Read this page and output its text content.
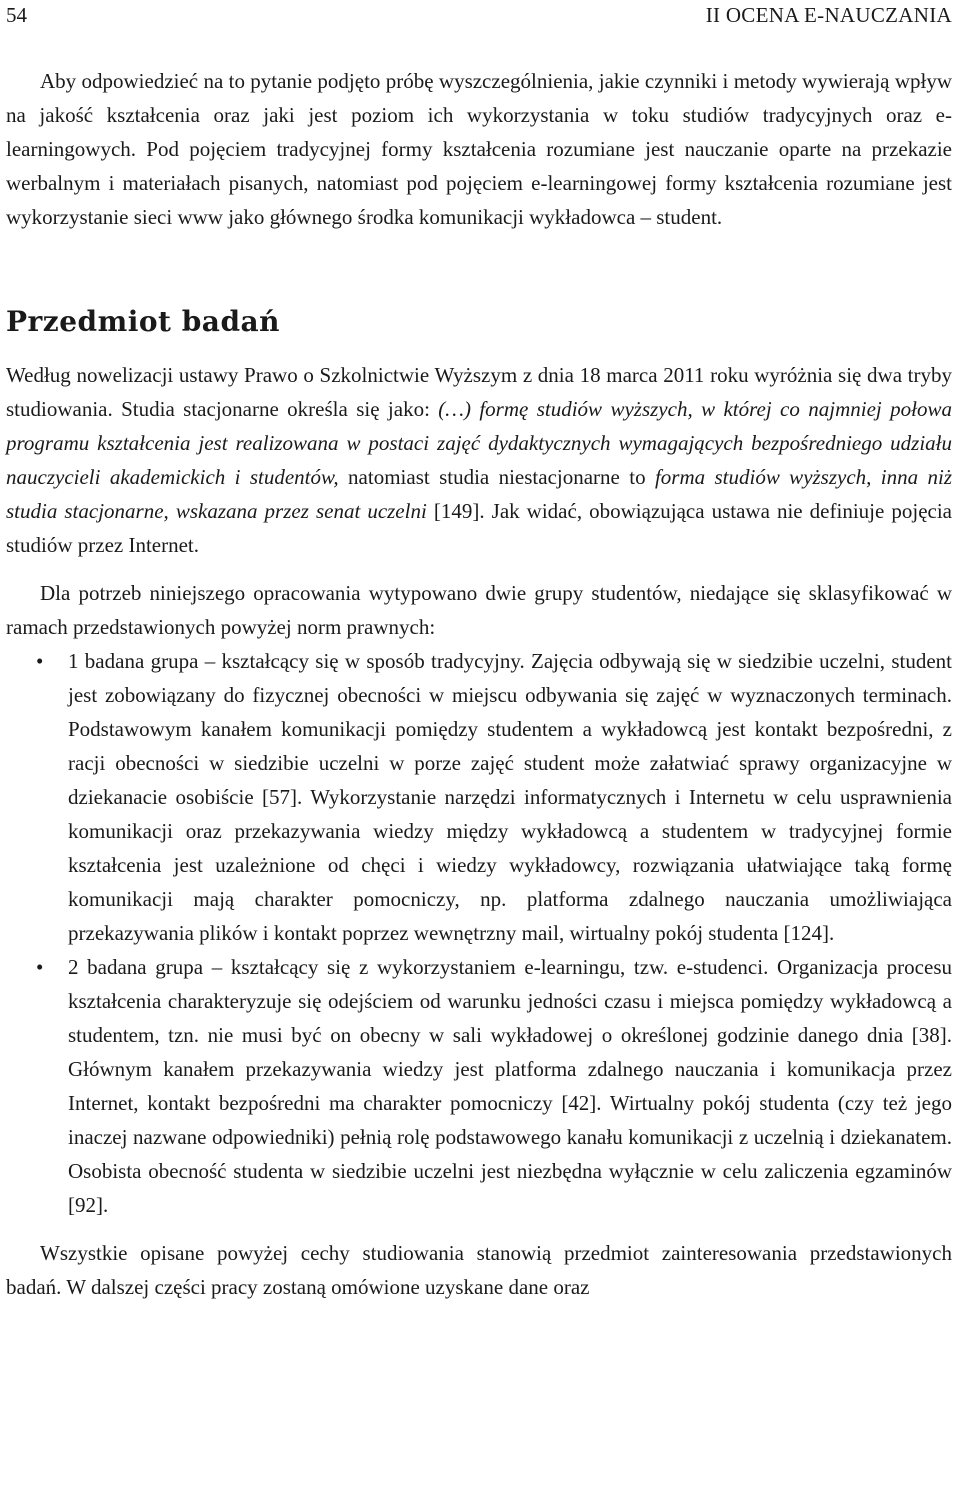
54	II OCENA E-NAUCZANIA

Aby odpowiedzieć na to pytanie podjęto próbę wyszczególnienia, jakie czynniki i metody wywierają wpływ na jakość kształcenia oraz jaki jest poziom ich wykorzystania w toku studiów tradycyjnych oraz e-learningowych. Pod pojęciem tradycyjnej formy kształcenia rozumiane jest nauczanie oparte na przekazie werbalnym i materiałach pisanych, natomiast pod pojęciem e-learningowej formy kształcenia rozumiane jest wykorzystanie sieci www jako głównego środka komunikacji wykładowca – student.

Przedmiot badań

Według nowelizacji ustawy Prawo o Szkolnictwie Wyższym z dnia 18 marca 2011 roku wyróżnia się dwa tryby studiowania. Studia stacjonarne określa się jako: (…) formę studiów wyższych, w której co najmniej połowa programu kształcenia jest realizowana w postaci zajęć dydaktycznych wymagających bezpośredniego udziału nauczycieli akademickich i studentów, natomiast studia niestacjonarne to forma studiów wyższych, inna niż studia stacjonarne, wskazana przez senat uczelni [149]. Jak widać, obowiązująca ustawa nie definiuje pojęcia studiów przez Internet.

Dla potrzeb niniejszego opracowania wytypowano dwie grupy studentów, niedające się sklasyfikować w ramach przedstawionych powyżej norm prawnych:

• 1 badana grupa – kształcący się w sposób tradycyjny. Zajęcia odbywają się w siedzibie uczelni, student jest zobowiązany do fizycznej obecności w miejscu odbywania się zajęć w wyznaczonych terminach. Podstawowym kanałem komunikacji pomiędzy studentem a wykładowcą jest kontakt bezpośredni, z racji obecności w siedzibie uczelni w porze zajęć student może załatwiać sprawy organizacyjne w dziekanacie osobiście [57]. Wykorzystanie narzędzi informatycznych i Internetu w celu usprawnienia komunikacji oraz przekazywania wiedzy między wykładowcą a studentem w tradycyjnej formie kształcenia jest uzależnione od chęci i wiedzy wykładowcy, rozwiązania ułatwiające taką formę komunikacji mają charakter pomocniczy, np. platforma zdalnego nauczania umożliwiająca przekazywania plików i kontakt poprzez wewnętrzny mail, wirtualny pokój studenta [124].
• 2 badana grupa – kształcący się z wykorzystaniem e-learningu, tzw. e-studenci. Organizacja procesu kształcenia charakteryzuje się odejściem od warunku jedności czasu i miejsca pomiędzy wykładowcą a studentem, tzn. nie musi być on obecny w sali wykładowej o określonej godzinie danego dnia [38]. Głównym kanałem przekazywania wiedzy jest platforma zdalnego nauczania i komunikacja przez Internet, kontakt bezpośredni ma charakter pomocniczy [42]. Wirtualny pokój studenta (czy też jego inaczej nazwane odpowiedniki) pełnią rolę podstawowego kanału komunikacji z uczelnią i dziekanatem. Osobista obecność studenta w siedzibie uczelni jest niezbędna wyłącznie w celu zaliczenia egzaminów [92].

Wszystkie opisane powyżej cechy studiowania stanowią przedmiot zainteresowania przedstawionych badań. W dalszej części pracy zostaną omówione uzyskane dane oraz
